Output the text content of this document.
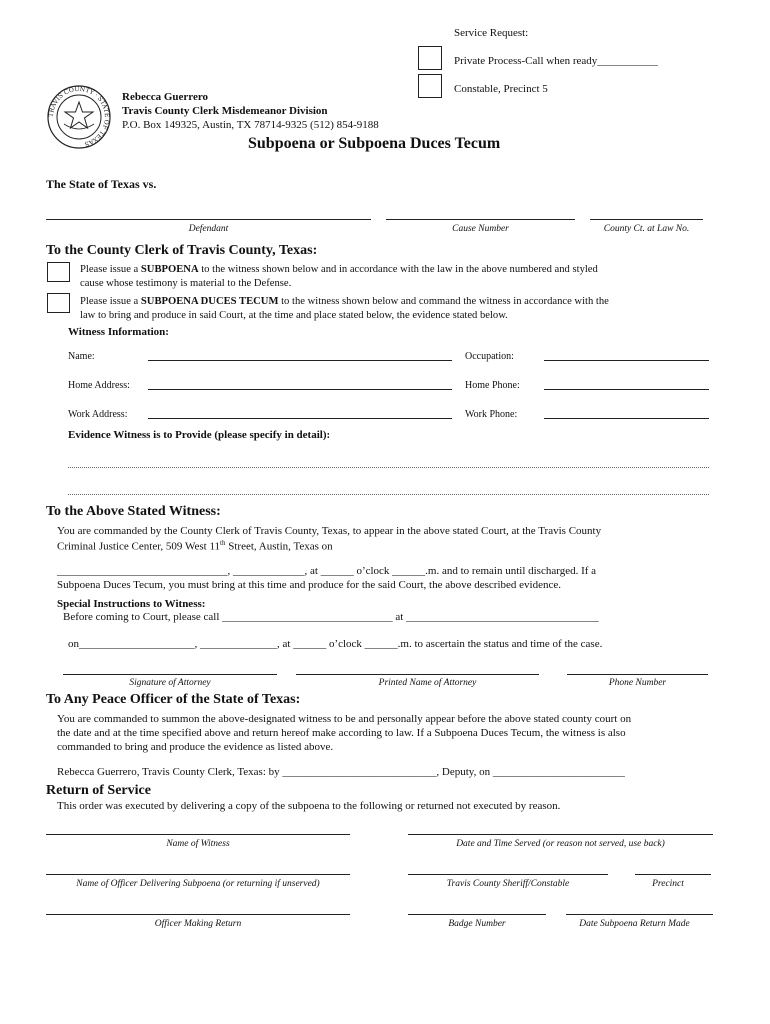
Service Request:
Private Process-Call when ready___________
Constable, Precinct 5
TRAVIS COUNTY · STATE OF TEXAS
Rebecca Guerrero
Travis County Clerk Misdemeanor Division
P.O. Box 149325, Austin, TX 78714-9325 (512) 854-9188
Subpoena or Subpoena Duces Tecum
The State of Texas vs.
Defendant	Cause Number	County Ct. at Law No.
To the County Clerk of Travis County, Texas:
Please issue a SUBPOENA to the witness shown below and in accordance with the law in the above numbered and styled
cause whose testimony is material to the Defense.
Please issue a SUBPOENA DUCES TECUM to the witness shown below and command the witness in accordance with the
law to bring and produce in said Court, at the time and place stated below, the evidence stated below.
Witness Information:
Name:	Occupation:
Home Address:	Home Phone:
Work Address:	Work Phone:
Evidence Witness is to Provide (please specify in detail):
To the Above Stated Witness:
You are commanded by the County Clerk of Travis County, Texas, to appear in the above stated Court, at the Travis County
Criminal Justice Center, 509 West 11th Street, Austin, Texas on
_______________________________, _____________, at ______ o’clock ______.m. and to remain until discharged. If a
Subpoena Duces Tecum, you must bring at this time and produce for the said Court, the above described evidence.
Special Instructions to Witness:
Before coming to Court, please call _______________________________ at ___________________________________
on_____________________, ______________, at ______ o’clock ______.m. to ascertain the status and time of the case.
Signature of Attorney	Printed Name of Attorney	Phone Number
To Any Peace Officer of the State of Texas:
You are commanded to summon the above-designated witness to be and personally appear before the above stated county court on
the date and at the time specified above and return hereof make according to law. If a Subpoena Duces Tecum, the witness is also
commanded to bring and produce the evidence as listed above.
Rebecca Guerrero, Travis County Clerk, Texas: by ____________________________, Deputy, on ________________________
Return of Service
This order was executed by delivering a copy of the subpoena to the following or returned not executed by reason.
Name of Witness	Date and Time Served (or reason not served, use back)
Name of Officer Delivering Subpoena (or returning if unserved)	Travis County Sheriff/Constable	Precinct
Officer Making Return	Badge Number	Date Subpoena Return Made
